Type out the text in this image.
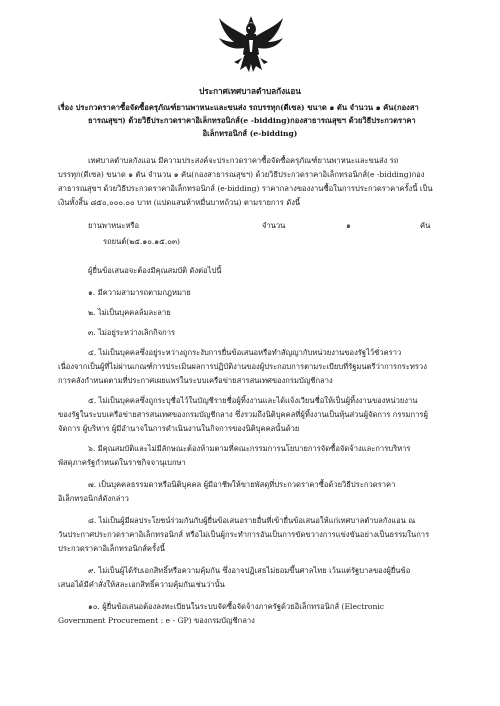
ประกาศเทศบาลตำบลกังแอน
เรื่อง ประกวดราคาซื้อจัดซื้อครุภัณฑ์ยานพาหนะและขนส่ง รถบรรทุก(ดีเซล) ขนาด ๑ ตัน จำนวน ๑ คัน(กองสา
ธารณสุขฯ) ด้วยวิธีประกวดราคาอิเล็กทรอนิกส์(e -bidding)กองสาธารณสุขฯ ด้วยวิธีประกวดราคา
อิเล็กทรอนิกส์ (e-bidding)
เทศบาลตำบลกังแอน มีความประสงค์จะประกวดราคาซื้อจัดซื้อครุภัณฑ์ยานพาหนะและขนส่ง รถ
บรรทุก(ดีเซล) ขนาด ๑ ตัน จำนวน ๑ คัน(กองสาธารณสุขฯ) ด้วยวิธีประกวดราคาอิเล็กทรอนิกส์(e -bidding)กอง
สาธารณสุขฯ ด้วยวิธีประกวดราคาอิเล็กทรอนิกส์ (e-bidding) ราคากลางของงานซื้อในการประกวดราคาครั้งนี้ เป็น
เงินทั้งสิ้น ๘๕๐,๐๐๐.๐๐ บาท (แปดแสนห้าหมื่นบาทถ้วน) ตามรายการ ดังนี้
ยานพาหนะหรือ	จำนวน	๑	คัน
รถยนต์(๒๕.๑๐.๑๕.๐๓)
ผู้ยื่นข้อเสนอจะต้องมีคุณสมบัติ ดังต่อไปนี้
๑. มีความสามารถตามกฎหมาย
๒. ไม่เป็นบุคคลล้มละลาย
๓. ไม่อยู่ระหว่างเลิกกิจการ
๔. ไม่เป็นบุคคลซึ่งอยู่ระหว่างถูกระงับการยื่นข้อเสนอหรือทำสัญญากับหน่วยงานของรัฐไว้ชั่วคราว
เนื่องจากเป็นผู้ที่ไม่ผ่านเกณฑ์การประเมินผลการปฏิบัติงานของผู้ประกอบการตามระเบียบที่รัฐมนตรีว่าการกระทรวง
การคลังกำหนดตามที่ประกาศเผยแพร่ในระบบเครือข่ายสารสนเทศของกรมบัญชีกลาง
๕. ไม่เป็นบุคคลซึ่งถูกระบุชื่อไว้ในบัญชีรายชื่อผู้ทิ้งงานและได้แจ้งเวียนชื่อให้เป็นผู้ทิ้งงานของหน่วยงาน
ของรัฐในระบบเครือข่ายสารสนเทศของกรมบัญชีกลาง ซึ่งรวมถึงนิติบุคคลที่ผู้ทิ้งงานเป็นหุ้นส่วนผู้จัดการ กรรมการผู้
จัดการ ผู้บริหาร ผู้มีอำนาจในการดำเนินงานในกิจการของนิติบุคคลนั้นด้วย
๖. มีคุณสมบัติและไม่มีลักษณะต้องห้ามตามที่คณะกรรมการนโยบายการจัดซื้อจัดจ้างและการบริหาร
พัสดุภาครัฐกำหนดในราชกิจจานุเบกษา
๗. เป็นบุคคลธรรมดาหรือนิติบุคคล ผู้มีอาชีพให้ขายพัสดุที่ประกวดราคาซื้อด้วยวิธีประกวดราคา
อิเล็กทรอนิกส์ดังกล่าว
๘. ไม่เป็นผู้มีผลประโยชน์ร่วมกันกับผู้ยื่นข้อเสนอรายอื่นที่เข้ายื่นข้อเสนอให้แก่เทศบาลตำบลกังแอน ณ
วันประกาศประกวดราคาอิเล็กทรอนิกส์ หรือไม่เป็นผู้กระทำการอันเป็นการขัดขวางการแข่งขันอย่างเป็นธรรมในการ
ประกวดราคาอิเล็กทรอนิกส์ครั้งนี้
๙. ไม่เป็นผู้ได้รับเอกสิทธิ์หรือความคุ้มกัน ซึ่งอาจปฏิเสธไม่ยอมขึ้นศาลไทย เว้นแต่รัฐบาลของผู้ยื่นข้อ
เสนอได้มีคำสั่งให้สละเอกสิทธิ์ความคุ้มกันเช่นว่านั้น
๑๐. ผู้ยื่นข้อเสนอต้องลงทะเบียนในระบบจัดซื้อจัดจ้างภาครัฐด้วยอิเล็กทรอนิกส์ (Electronic
Government Procurement : e - GP) ของกรมบัญชีกลาง
